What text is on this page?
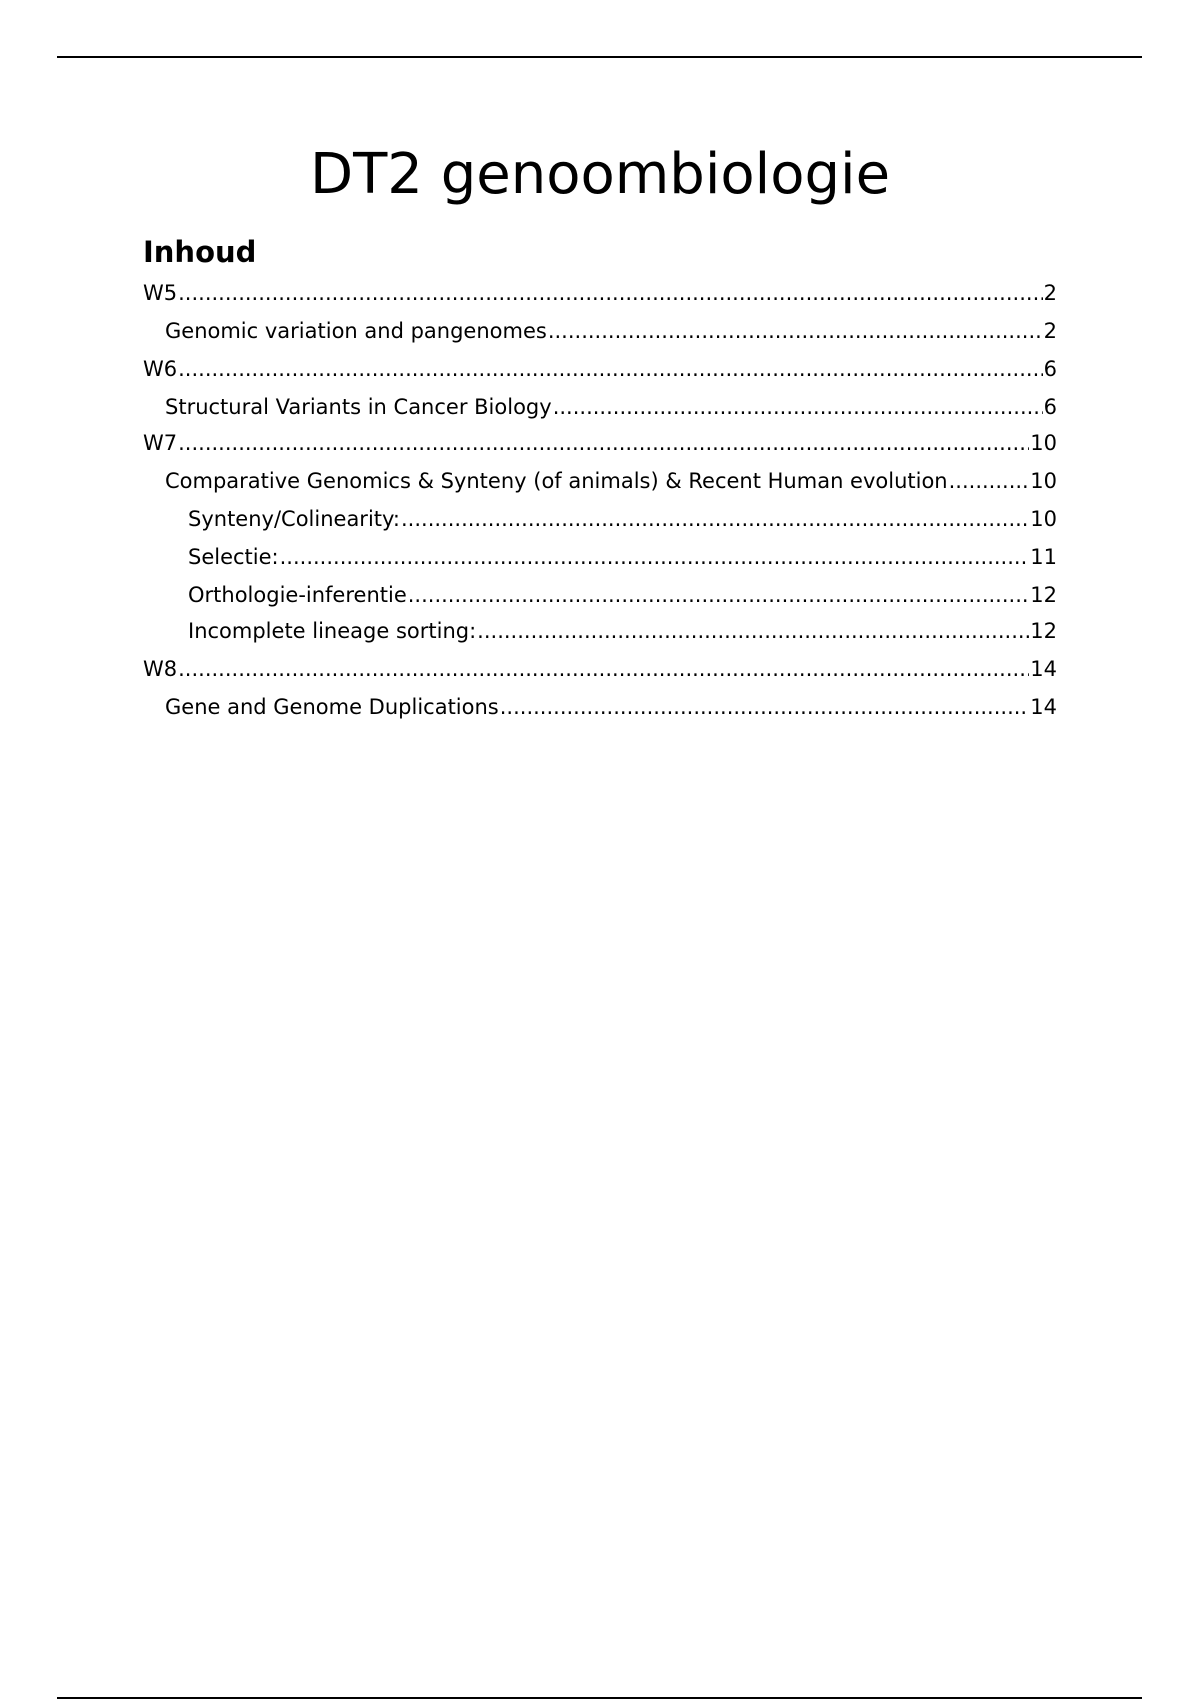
DT2 genoombiologie
Inhoud
W5 .....	2
Genomic variation and pangenomes .....	2
W6 .....	6
Structural Variants in Cancer Biology .....	6
W7 .....	10
Comparative Genomics & Synteny (of animals) & Recent Human evolution .....	10
Synteny/Colinearity: .....	10
Selectie: .....	11
Orthologie-inferentie .....	12
Incomplete lineage sorting: .....	12
W8 .....	14
Gene and Genome Duplications .....	14
